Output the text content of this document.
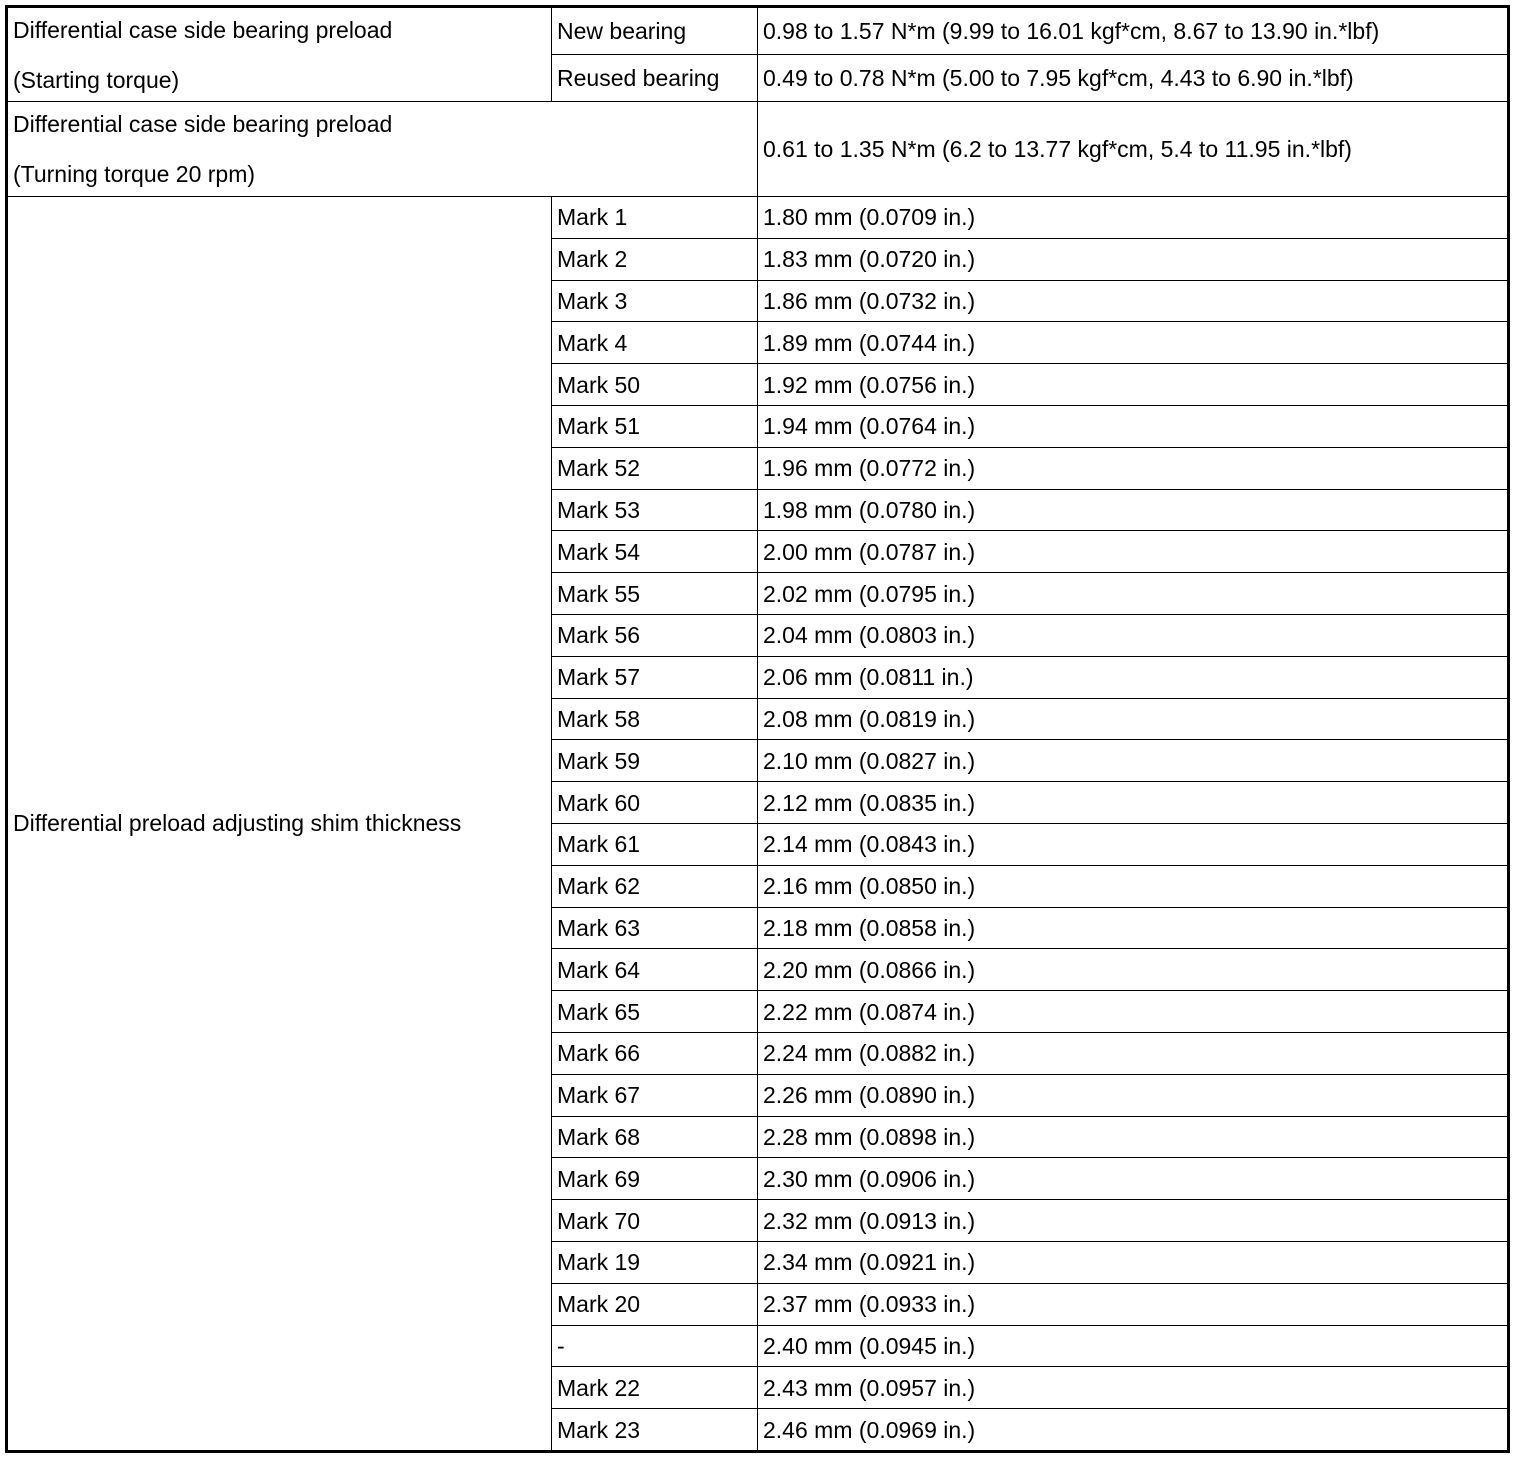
Differential case side bearing preload
(Starting torque)	New bearing	0.98 to 1.57 N*m (9.99 to 16.01 kgf*cm, 8.67 to 13.90 in.*lbf)
	Reused bearing	0.49 to 0.78 N*m (5.00 to 7.95 kgf*cm, 4.43 to 6.90 in.*lbf)

Differential case side bearing preload
(Turning torque 20 rpm)		0.61 to 1.35 N*m (6.2 to 13.77 kgf*cm, 5.4 to 11.95 in.*lbf)
Differential preload adjusting shim thickness	Mark 1	1.80 mm (0.0709 in.)
	Mark 2	1.83 mm (0.0720 in.)
	Mark 3	1.86 mm (0.0732 in.)
	Mark 4	1.89 mm (0.0744 in.)
	Mark 50	1.92 mm (0.0756 in.)
	Mark 51	1.94 mm (0.0764 in.)
	Mark 52	1.96 mm (0.0772 in.)
	Mark 53	1.98 mm (0.0780 in.)
	Mark 54	2.00 mm (0.0787 in.)
	Mark 55	2.02 mm (0.0795 in.)
	Mark 56	2.04 mm (0.0803 in.)
	Mark 57	2.06 mm (0.0811 in.)
	Mark 58	2.08 mm (0.0819 in.)
	Mark 59	2.10 mm (0.0827 in.)
	Mark 60	2.12 mm (0.0835 in.)
	Mark 61	2.14 mm (0.0843 in.)
	Mark 62	2.16 mm (0.0850 in.)
	Mark 63	2.18 mm (0.0858 in.)
	Mark 64	2.20 mm (0.0866 in.)
	Mark 65	2.22 mm (0.0874 in.)
	Mark 66	2.24 mm (0.0882 in.)
	Mark 67	2.26 mm (0.0890 in.)
	Mark 68	2.28 mm (0.0898 in.)
	Mark 69	2.30 mm (0.0906 in.)
	Mark 70	2.32 mm (0.0913 in.)
	Mark 19	2.34 mm (0.0921 in.)
	Mark 20	2.37 mm (0.0933 in.)
	-	2.40 mm (0.0945 in.)
	Mark 22	2.43 mm (0.0957 in.)
	Mark 23	2.46 mm (0.0969 in.)
